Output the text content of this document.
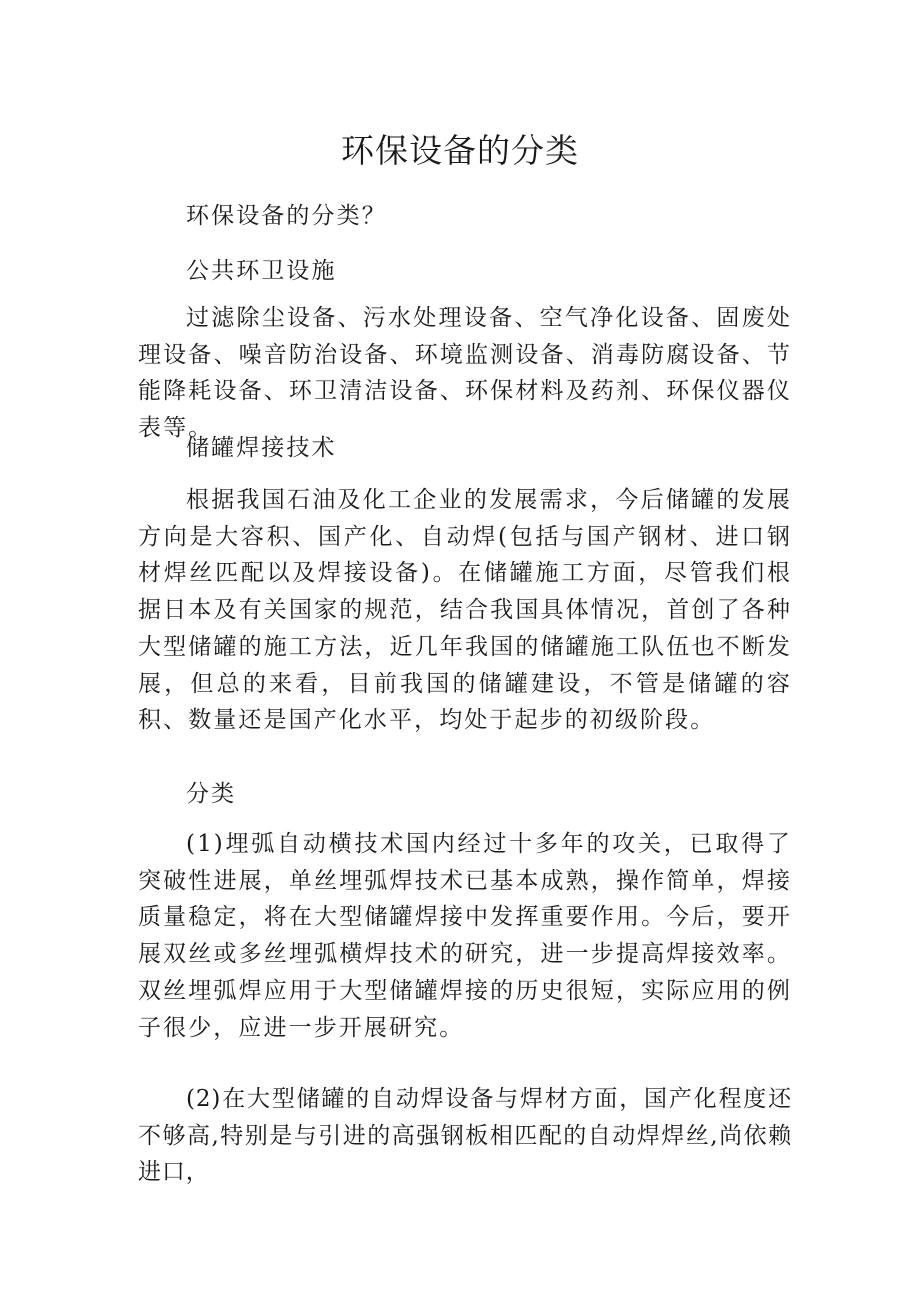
环保设备的分类

环保设备的分类？

公共环卫设施

过滤除尘设备、污水处理设备、空气净化设备、固废处理设备、噪音防治设备、环境监测设备、消毒防腐设备、节能降耗设备、环卫清洁设备、环保材料及药剂、环保仪器仪表等。

储罐焊接技术

根据我国石油及化工企业的发展需求，今后储罐的发展方向是大容积、国产化、自动焊(包括与国产钢材、进口钢材焊丝匹配以及焊接设备)。在储罐施工方面，尽管我们根据日本及有关国家的规范，结合我国具体情况，首创了各种大型储罐的施工方法，近几年我国的储罐施工队伍也不断发展，但总的来看，目前我国的储罐建设，不管是储罐的容积、数量还是国产化水平，均处于起步的初级阶段。

分类

(1)埋弧自动横技术国内经过十多年的攻关，已取得了突破性进展，单丝埋弧焊技术已基本成熟，操作简单，焊接质量稳定，将在大型储罐焊接中发挥重要作用。今后，要开展双丝或多丝埋弧横焊技术的研究，进一步提高焊接效率。双丝埋弧焊应用于大型储罐焊接的历史很短，实际应用的例子很少，应进一步开展研究。

(2)在大型储罐的自动焊设备与焊材方面，国产化程度还不够高,特别是与引进的高强钢板相匹配的自动焊焊丝,尚依赖进口，
